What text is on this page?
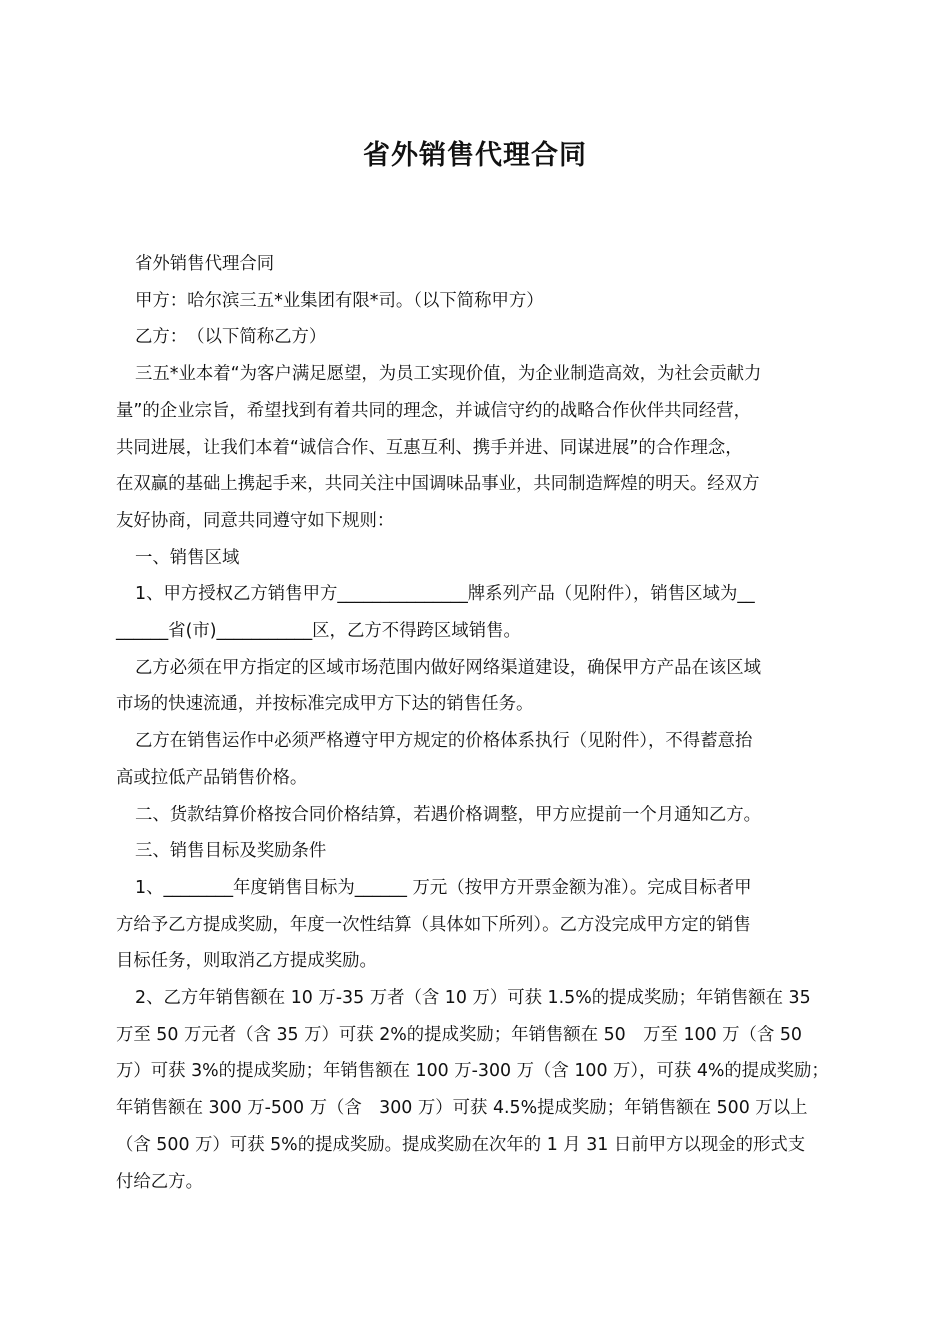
省外销售代理合同

省外销售代理合同

甲方：哈尔滨三五*业集团有限*司。（以下简称甲方）

乙方：　（以下简称乙方）

三五*业本着“为客户满足愿望，为员工实现价值，为企业制造高效，为社会贡献力

量”的企业宗旨，希望找到有着共同的理念，并诚信守约的战略合作伙伴共同经营，

共同进展，让我们本着“诚信合作、互惠互利、携手并进、同谋进展”的合作理念，

在双赢的基础上携起手来，共同关注中国调味品事业，共同制造辉煌的明天。经双方

友好协商，同意共同遵守如下规则：

一、销售区域

1、甲方授权乙方销售甲方_______________牌系列产品（见附件），销售区域为__

______省(市)___________区，乙方不得跨区域销售。

乙方必须在甲方指定的区域市场范围内做好网络渠道建设，确保甲方产品在该区域

市场的快速流通，并按标准完成甲方下达的销售任务。

乙方在销售运作中必须严格遵守甲方规定的价格体系执行（见附件），不得蓄意抬

高或拉低产品销售价格。

二、货款结算价格按合同价格结算，若遇价格调整，甲方应提前一个月通知乙方。

三、销售目标及奖励条件

1、________年度销售目标为______ 万元（按甲方开票金额为准）。完成目标者甲

方给予乙方提成奖励，年度一次性结算（具体如下所列）。乙方没完成甲方定的销售

目标任务，则取消乙方提成奖励。

2、乙方年销售额在 10 万-35 万者（含 10 万）可获 1.5%的提成奖励；年销售额在 35

万至 50 万元者（含 35 万）可获 2%的提成奖励；年销售额在 50　万至 100 万（含 50

万）可获 3%的提成奖励；年销售额在 100 万-300 万（含 100 万），可获 4%的提成奖励；

年销售额在 300 万-500 万（含　300 万）可获 4.5%提成奖励；年销售额在 500 万以上

（含 500 万）可获 5%的提成奖励。提成奖励在次年的 1 月 31 日前甲方以现金的形式支

付给乙方。
